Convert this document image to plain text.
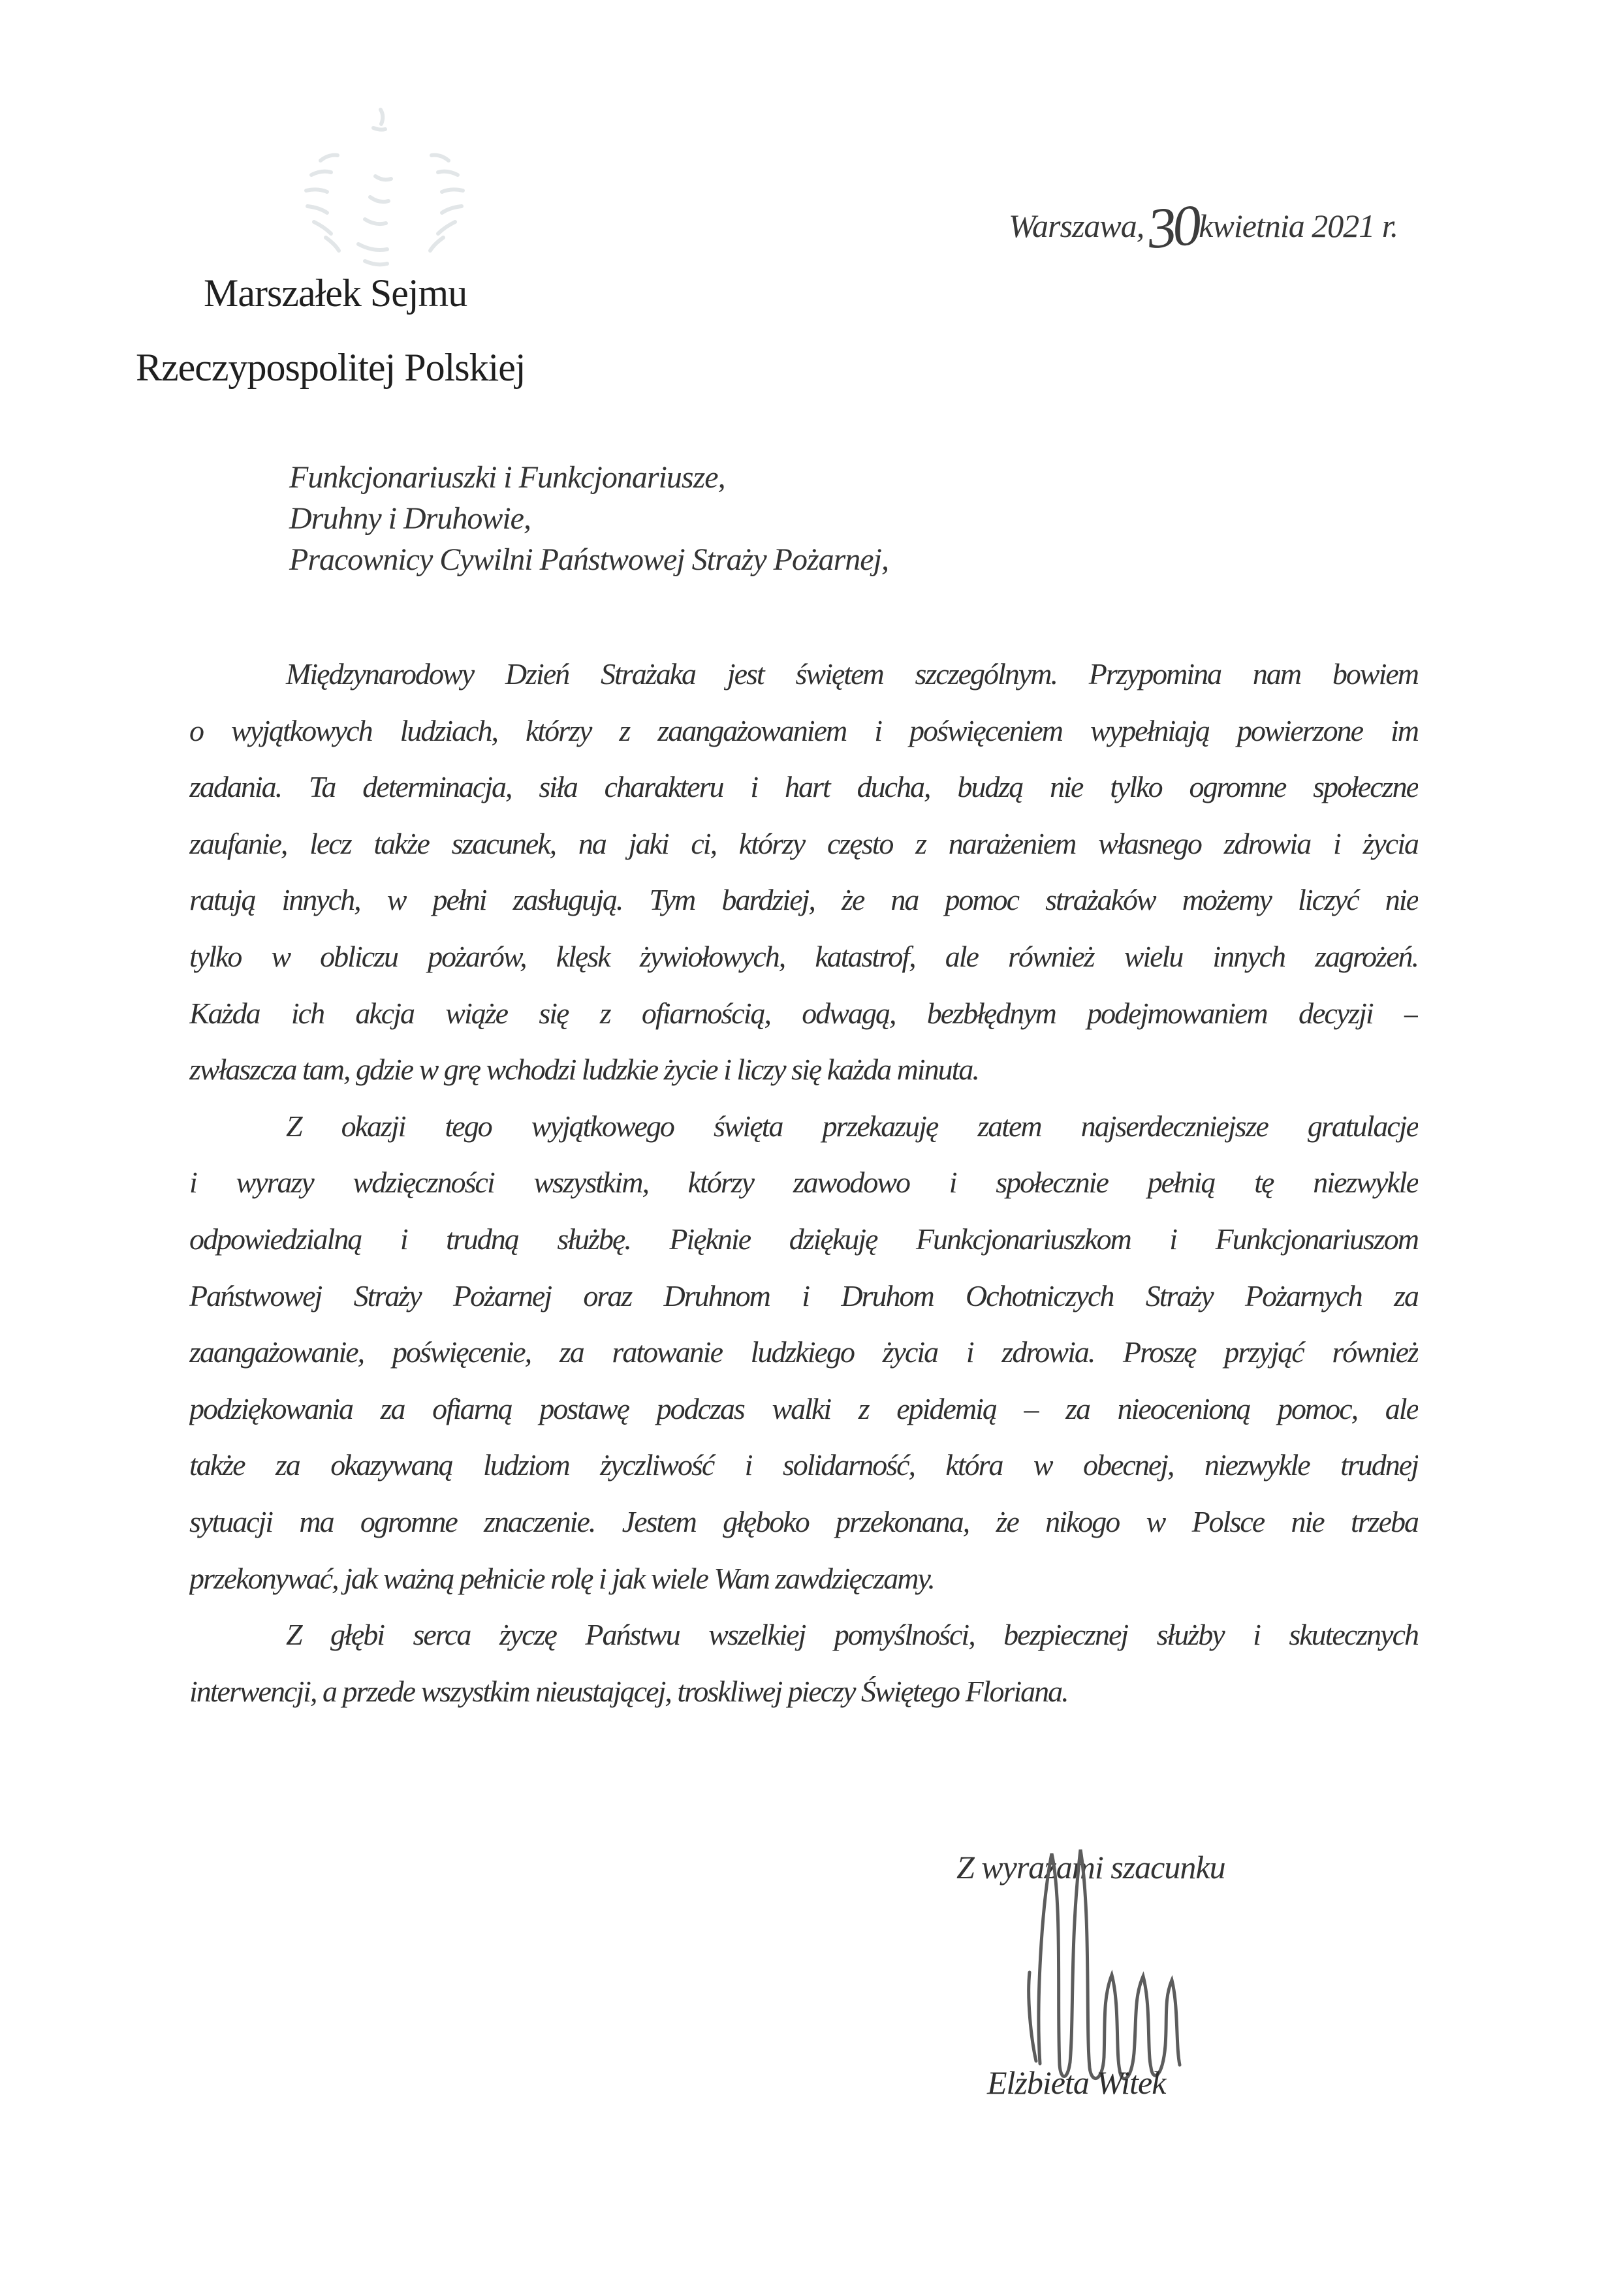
Warszawa,30kwietnia 2021 r.
Marszałek Sejmu
Rzeczypospolitej Polskiej
Funkcjonariuszki i Funkcjonariusze,
Druhny i Druhowie,
Pracownicy Cywilni Państwowej Straży Pożarnej,
Międzynarodowy Dzień Strażaka jest świętem szczególnym. Przypomina nam bowiem
o wyjątkowych ludziach, którzy z zaangażowaniem i poświęceniem wypełniają powierzone im
zadania. Ta determinacja, siła charakteru i hart ducha, budzą nie tylko ogromne społeczne
zaufanie, lecz także szacunek, na jaki ci, którzy często z narażeniem własnego zdrowia i życia
ratują innych, w pełni zasługują. Tym bardziej, że na pomoc strażaków możemy liczyć nie
tylko w obliczu pożarów, klęsk żywiołowych, katastrof, ale również wielu innych zagrożeń.
Każda ich akcja wiąże się z ofiarnością, odwagą, bezbłędnym podejmowaniem decyzji –
zwłaszcza tam, gdzie w grę wchodzi ludzkie życie i liczy się każda minuta.
Z okazji tego wyjątkowego święta przekazuję zatem najserdeczniejsze gratulacje
i wyrazy wdzięczności wszystkim, którzy zawodowo i społecznie pełnią tę niezwykle
odpowiedzialną i trudną służbę. Pięknie dziękuję Funkcjonariuszkom i Funkcjonariuszom
Państwowej Straży Pożarnej oraz Druhnom i Druhom Ochotniczych Straży Pożarnych za
zaangażowanie, poświęcenie, za ratowanie ludzkiego życia i zdrowia. Proszę przyjąć również
podziękowania za ofiarną postawę podczas walki z epidemią – za nieocenioną pomoc, ale
także za okazywaną ludziom życzliwość i solidarność, która w obecnej, niezwykle trudnej
sytuacji ma ogromne znaczenie. Jestem głęboko przekonana, że nikogo w Polsce nie trzeba
przekonywać, jak ważną pełnicie rolę i jak wiele Wam zawdzięczamy.
Z głębi serca życzę Państwu wszelkiej pomyślności, bezpiecznej służby i skutecznych
interwencji, a przede wszystkim nieustającej, troskliwej pieczy Świętego Floriana.
Z wyrazami szacunku
Elżbieta Witek
